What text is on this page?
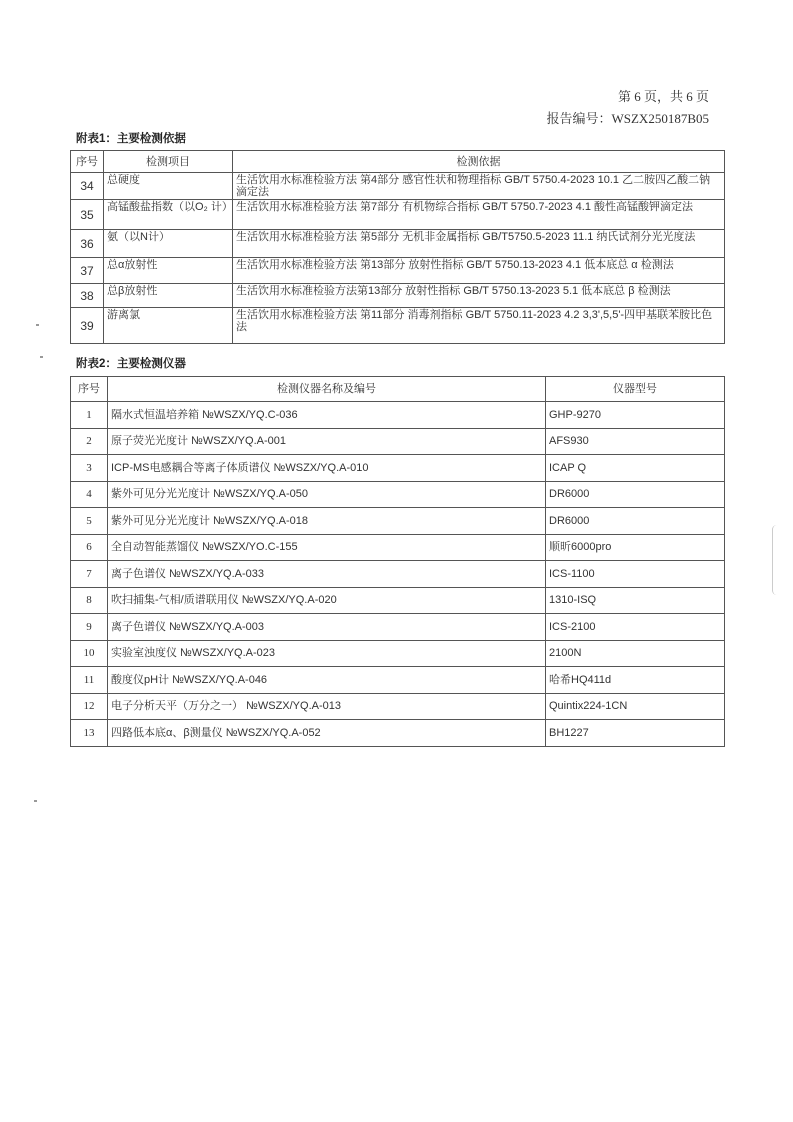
第 6 页，共 6 页
报告编号：WSZX250187B05
附表1：主要检测依据
序号	检测项目	检测依据
34	总硬度	生活饮用水标准检验方法 第4部分 感官性状和物理指标 GB/T 5750.4-2023 10.1 乙二胺四乙酸二钠滴定法
35	高锰酸盐指数（以O₂ 计）	生活饮用水标准检验方法 第7部分 有机物综合指标 GB/T 5750.7-2023 4.1 酸性高锰酸钾滴定法
36	氨（以N计）	生活饮用水标准检验方法 第5部分 无机非金属指标 GB/T5750.5-2023 11.1 纳氏试剂分光光度法
37	总α放射性	生活饮用水标准检验方法 第13部分 放射性指标 GB/T 5750.13-2023 4.1 低本底总 α 检测法
38	总β放射性	生活饮用水标准检验方法第13部分 放射性指标 GB/T 5750.13-2023 5.1 低本底总 β 检测法
39	游离氯	生活饮用水标准检验方法 第11部分 消毒剂指标 GB/T 5750.11-2023 4.2 3,3',5,5'-四甲基联苯胺比色法
附表2：主要检测仪器
序号	检测仪器名称及编号	仪器型号
1	隔水式恒温培养箱 №WSZX/YQ.C-036	GHP-9270
2	原子荧光光度计 №WSZX/YQ.A-001	AFS930
3	ICP-MS电感耦合等离子体质谱仪 №WSZX/YQ.A-010	ICAP Q
4	紫外可见分光光度计 №WSZX/YQ.A-050	DR6000
5	紫外可见分光光度计 №WSZX/YQ.A-018	DR6000
6	全自动智能蒸馏仪 №WSZX/YO.C-155	顺昕6000pro
7	离子色谱仪 №WSZX/YQ.A-033	ICS-1100
8	吹扫捕集-气相/质谱联用仪 №WSZX/YQ.A-020	1310-ISQ
9	离子色谱仪 №WSZX/YQ.A-003	ICS-2100
10	实验室浊度仪 №WSZX/YQ.A-023	2100N
11	酸度仪pH计 №WSZX/YQ.A-046	哈希HQ411d
12	电子分析天平（万分之一） №WSZX/YQ.A-013	Quintix224-1CN
13	四路低本底α、β测量仪 №WSZX/YQ.A-052	BH1227
